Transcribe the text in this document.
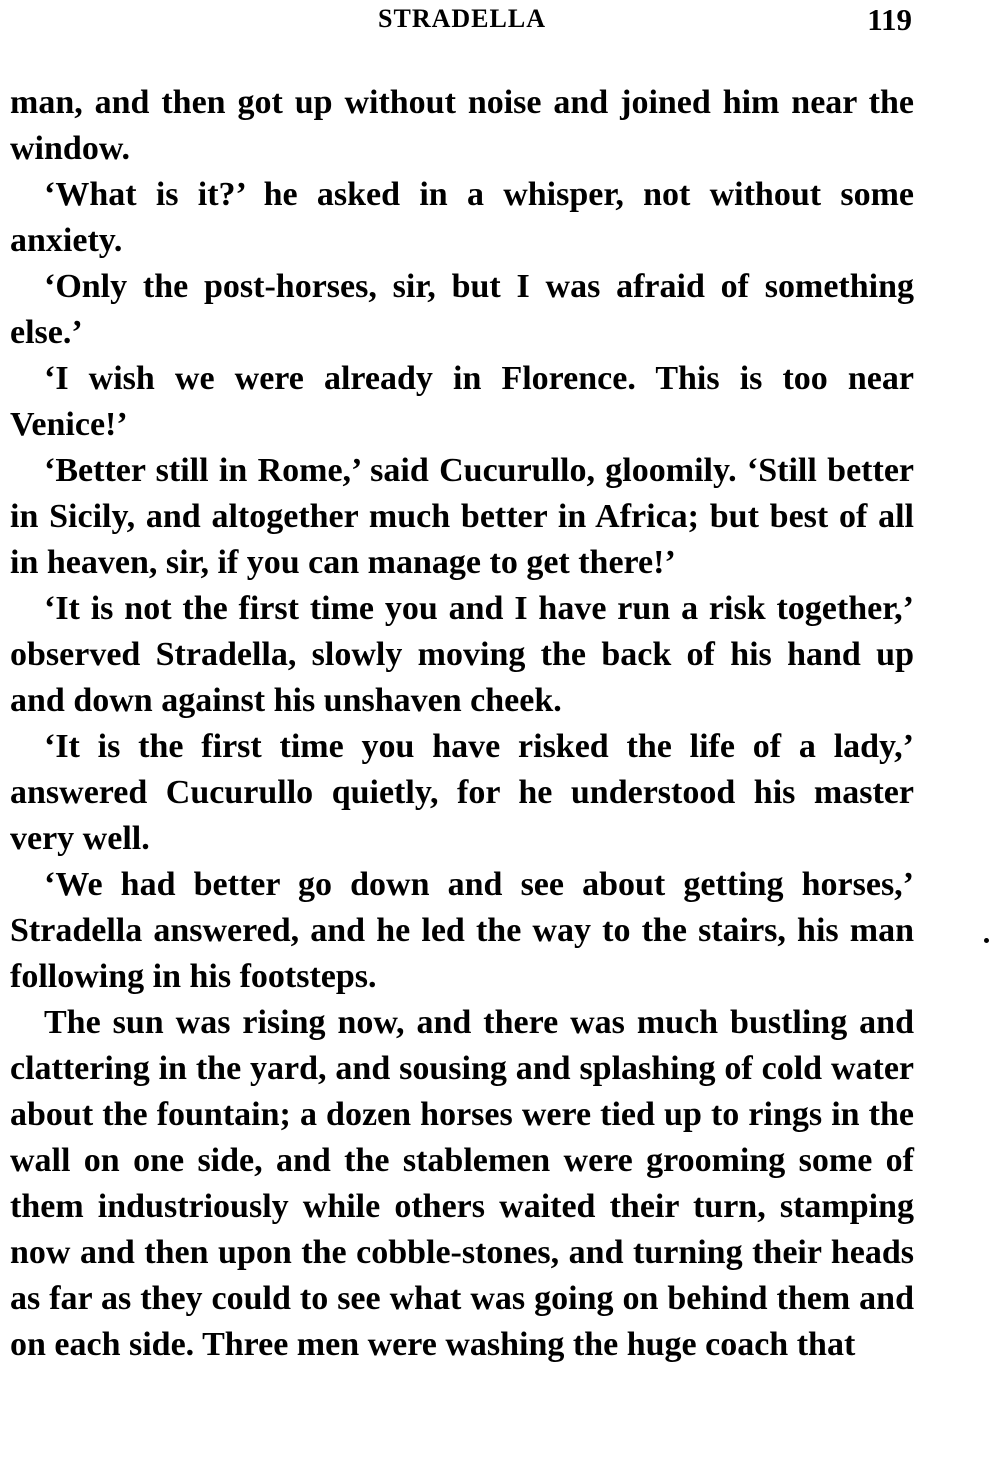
STRADELLA	119

man, and then got up without noise and joined him near the window.

‘What is it?’ he asked in a whisper, not without some anxiety.

‘Only the post-horses, sir, but I was afraid of something else.’

‘I wish we were already in Florence. This is too near Venice!’

‘Better still in Rome,’ said Cucurullo, gloomily. ‘Still better in Sicily, and altogether much better in Africa; but best of all in heaven, sir, if you can manage to get there!’

‘It is not the first time you and I have run a risk together,’ observed Stradella, slowly moving the back of his hand up and down against his unshaven cheek.

‘It is the first time you have risked the life of a lady,’ answered Cucurullo quietly, for he understood his master very well.

‘We had better go down and see about getting horses,’ Stradella answered, and he led the way to the stairs, his man following in his footsteps.

The sun was rising now, and there was much bustling and clattering in the yard, and sousing and splashing of cold water about the fountain; a dozen horses were tied up to rings in the wall on one side, and the stablemen were grooming some of them industriously while others waited their turn, stamping now and then upon the cobble-stones, and turning their heads as far as they could to see what was going on behind them and on each side. Three men were washing the huge coach that
